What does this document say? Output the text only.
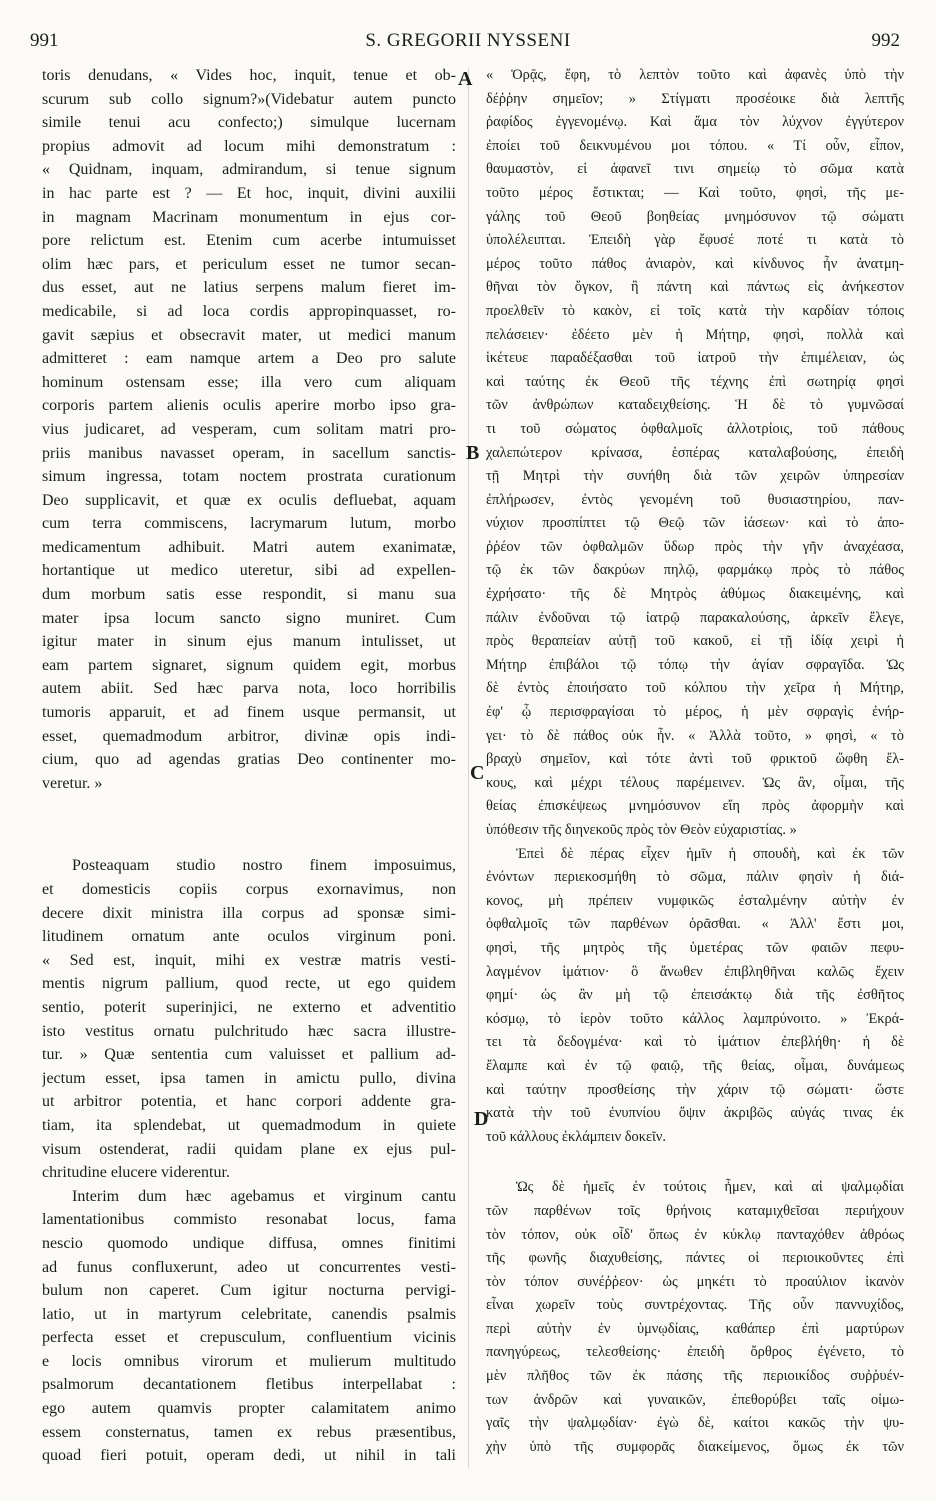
991	S. GREGORII NYSSENI	992
A
B
C
D
toris denudans, « Vides hoc, inquit, tenue et ob-
scurum sub collo signum?»(Videbatur autem puncto
simile tenui acu confecto;) simulque lucernam
propius admovit ad locum mihi demonstratum :
« Quidnam, inquam, admirandum, si tenue signum
in hac parte est ? — Et hoc, inquit, divini auxilii
in magnam Macrinam monumentum in ejus cor-
pore relictum est. Etenim cum acerbe intumuisset
olim hæc pars, et periculum esset ne tumor secan-
dus esset, aut ne latius serpens malum fieret im-
medicabile, si ad loca cordis appropinquasset, ro-
gavit sæpius et obsecravit mater, ut medici manum
admitteret : eam namque artem a Deo pro salute
hominum ostensam esse; illa vero cum aliquam
corporis partem alienis oculis aperire morbo ipso gra-
vius judicaret, ad vesperam, cum solitam matri pro-
priis manibus navasset operam, in sacellum sanctis-
simum ingressa, totam noctem prostrata curationum
Deo supplicavit, et quæ ex oculis defluebat, aquam
cum terra commiscens, lacrymarum lutum, morbo
medicamentum adhibuit. Matri autem exanimatæ,
hortantique ut medico uteretur, sibi ad expellen-
dum morbum satis esse respondit, si manu sua
mater ipsa locum sancto signo muniret. Cum
igitur mater in sinum ejus manum intulisset, ut
eam partem signaret, signum quidem egit, morbus
autem abiit. Sed hæc parva nota, loco horribilis
tumoris apparuit, et ad finem usque permansit, ut
esset, quemadmodum arbitror, divinæ opis indi-
cium, quo ad agendas gratias Deo continenter mo-
veretur. »
Posteaquam studio nostro finem imposuimus,
et domesticis copiis corpus exornavimus, non
decere dixit ministra illa corpus ad sponsæ simi-
litudinem ornatum ante oculos virginum poni.
« Sed est, inquit, mihi ex vestræ matris vesti-
mentis nigrum pallium, quod recte, ut ego quidem
sentio, poterit superinjici, ne externo et adventitio
isto vestitus ornatu pulchritudo hæc sacra illustre-
tur. » Quæ sententia cum valuisset et pallium ad-
jectum esset, ipsa tamen in amictu pullo, divina
ut arbitror potentia, et hanc corpori addente gra-
tiam, ita splendebat, ut quemadmodum in quiete
visum ostenderat, radii quidam plane ex ejus pul-
chritudine elucere viderentur.
Interim dum hæc agebamus et virginum cantu
lamentationibus commisto resonabat locus, fama
nescio quomodo undique diffusa, omnes finitimi
ad funus confluxerunt, adeo ut concurrentes vesti-
bulum non caperet. Cum igitur nocturna pervigi-
latio, ut in martyrum celebritate, canendis psalmis
perfecta esset et crepusculum, confluentium vicinis
e locis omnibus virorum et mulierum multitudo
psalmorum decantationem fletibus interpellabat :
ego autem quamvis propter calamitatem animo
essem consternatus, tamen ex rebus præsentibus,
quoad fieri potuit, operam dedi, ut nihil in tali
« Ὁρᾷς, ἔφη, τὸ λεπτὸν τοῦτο καὶ ἀφανὲς ὑπὸ τὴν
δέῤῥην σημεῖον; » Στίγματι προσέοικε διὰ λεπτῆς
ῥαφίδος ἐγγενομένῳ. Καὶ ἅμα τὸν λύχνον ἐγγύτερον
ἐποίει τοῦ δεικνυμένου μοι τόπου. « Τί οὖν, εἶπον,
θαυμαστὸν, εἰ ἀφανεῖ τινι σημείῳ τὸ σῶμα κατὰ
τοῦτο μέρος ἔστικται; — Καὶ τοῦτο, φησὶ, τῆς με-
γάλης τοῦ Θεοῦ βοηθείας μνημόσυνον τῷ σώματι
ὑπολέλειπται. Ἐπειδὴ γὰρ ἔφυσέ ποτέ τι κατὰ τὸ
μέρος τοῦτο πάθος ἀνιαρὸν, καὶ κίνδυνος ἦν ἀνατμη-
θῆναι τὸν ὄγκον, ἢ πάντη καὶ πάντως εἰς ἀνήκεστον
προελθεῖν τὸ κακὸν, εἰ τοῖς κατὰ τὴν καρδίαν τόποις
πελάσειεν· ἐδέετο μὲν ἡ Μήτηρ, φησὶ, πολλὰ καὶ
ἱκέτευε παραδέξασθαι τοῦ ἰατροῦ τὴν ἐπιμέλειαν, ὡς
καὶ ταύτης ἐκ Θεοῦ τῆς τέχνης ἐπὶ σωτηρίᾳ φησὶ
τῶν ἀνθρώπων καταδειχθείσης. Ἡ δὲ τὸ γυμνῶσαί
τι τοῦ σώματος ὀφθαλμοῖς ἀλλοτρίοις, τοῦ πάθους
χαλεπώτερον κρίνασα, ἑσπέρας καταλαβούσης, ἐπειδὴ
τῇ Μητρὶ τὴν συνήθη διὰ τῶν χειρῶν ὑπηρεσίαν
ἐπλήρωσεν, ἐντὸς γενομένη τοῦ θυσιαστηρίου, παν-
νύχιον προσπίπτει τῷ Θεῷ τῶν ἰάσεων· καὶ τὸ ἀπο-
ῤῥέον τῶν ὀφθαλμῶν ὕδωρ πρὸς τὴν γῆν ἀναχέασα,
τῷ ἐκ τῶν δακρύων πηλῷ, φαρμάκῳ πρὸς τὸ πάθος
ἐχρήσατο· τῆς δὲ Μητρὸς ἀθύμως διακειμένης, καὶ
πάλιν ἐνδοῦναι τῷ ἰατρῷ παρακαλούσης, ἀρκεῖν ἔλεγε,
πρὸς θεραπείαν αὐτῇ τοῦ κακοῦ, εἰ τῇ ἰδίᾳ χειρὶ ἡ
Μήτηρ ἐπιβάλοι τῷ τόπῳ τὴν ἁγίαν σφραγῖδα. Ὡς
δὲ ἐντὸς ἐποιήσατο τοῦ κόλπου τὴν χεῖρα ἡ Μήτηρ,
ἐφ' ᾧ περισφραγίσαι τὸ μέρος, ἡ μὲν σφραγὶς ἐνήρ-
γει· τὸ δὲ πάθος οὐκ ἦν. « Ἀλλὰ τοῦτο, » φησὶ, « τὸ
βραχὺ σημεῖον, καὶ τότε ἀντὶ τοῦ φρικτοῦ ὤφθη ἕλ-
κους, καὶ μέχρι τέλους παρέμεινεν. Ὡς ἂν, οἶμαι, τῆς
θείας ἐπισκέψεως μνημόσυνον εἴη πρὸς ἀφορμὴν καὶ
ὑπόθεσιν τῆς διηνεκοῦς πρὸς τὸν Θεὸν εὐχαριστίας. »
Ἐπεὶ δὲ πέρας εἶχεν ἡμῖν ἡ σπουδὴ, καὶ ἐκ τῶν
ἐνόντων περιεκοσμήθη τὸ σῶμα, πάλιν φησὶν ἡ διά-
κονος, μὴ πρέπειν νυμφικῶς ἐσταλμένην αὐτὴν ἐν
ὀφθαλμοῖς τῶν παρθένων ὁρᾶσθαι. « Ἀλλ' ἔστι μοι,
φησὶ, τῆς μητρὸς τῆς ὑμετέρας τῶν φαιῶν πεφυ-
λαγμένον ἱμάτιον· ὃ ἄνωθεν ἐπιβληθῆναι καλῶς ἔχειν
φημί· ὡς ἂν μὴ τῷ ἐπεισάκτῳ διὰ τῆς ἐσθῆτος
κόσμῳ, τὸ ἱερὸν τοῦτο κάλλος λαμπρύνοιτο. » Ἐκρά-
τει τὰ δεδογμένα· καὶ τὸ ἱμάτιον ἐπεβλήθη· ἡ δὲ
ἔλαμπε καὶ ἐν τῷ φαιῷ, τῆς θείας, οἶμαι, δυνάμεως
καὶ ταύτην προσθείσης τὴν χάριν τῷ σώματι· ὥστε
κατὰ τὴν τοῦ ἐνυπνίου ὄψιν ἀκριβῶς αὐγάς τινας ἐκ
τοῦ κάλλους ἐκλάμπειν δοκεῖν.
Ὡς δὲ ἡμεῖς ἐν τούτοις ἦμεν, καὶ αἱ ψαλμῳδίαι
τῶν παρθένων τοῖς θρήνοις καταμιχθεῖσαι περιήχουν
τὸν τόπον, οὐκ οἶδ' ὅπως ἐν κύκλῳ πανταχόθεν ἀθρόως
τῆς φωνῆς διαχυθείσης, πάντες οἱ περιοικοῦντες ἐπὶ
τὸν τόπον συνέῤῥεον· ὡς μηκέτι τὸ προαύλιον ἱκανὸν
εἶναι χωρεῖν τοὺς συντρέχοντας. Τῆς οὖν παννυχίδος,
περὶ αὐτὴν ἐν ὑμνῳδίαις, καθάπερ ἐπὶ μαρτύρων
πανηγύρεως, τελεσθείσης· ἐπειδὴ ὄρθρος ἐγένετο, τὸ
μὲν πλῆθος τῶν ἐκ πάσης τῆς περιοικίδος συῤῥυέν-
των ἀνδρῶν καὶ γυναικῶν, ἐπεθορύβει ταῖς οἰμω-
γαῖς τὴν ψαλμῳδίαν· ἐγὼ δὲ, καίτοι κακῶς τὴν ψυ-
χὴν ὑπὸ τῆς συμφορᾶς διακείμενος, ὅμως ἐκ τῶν
